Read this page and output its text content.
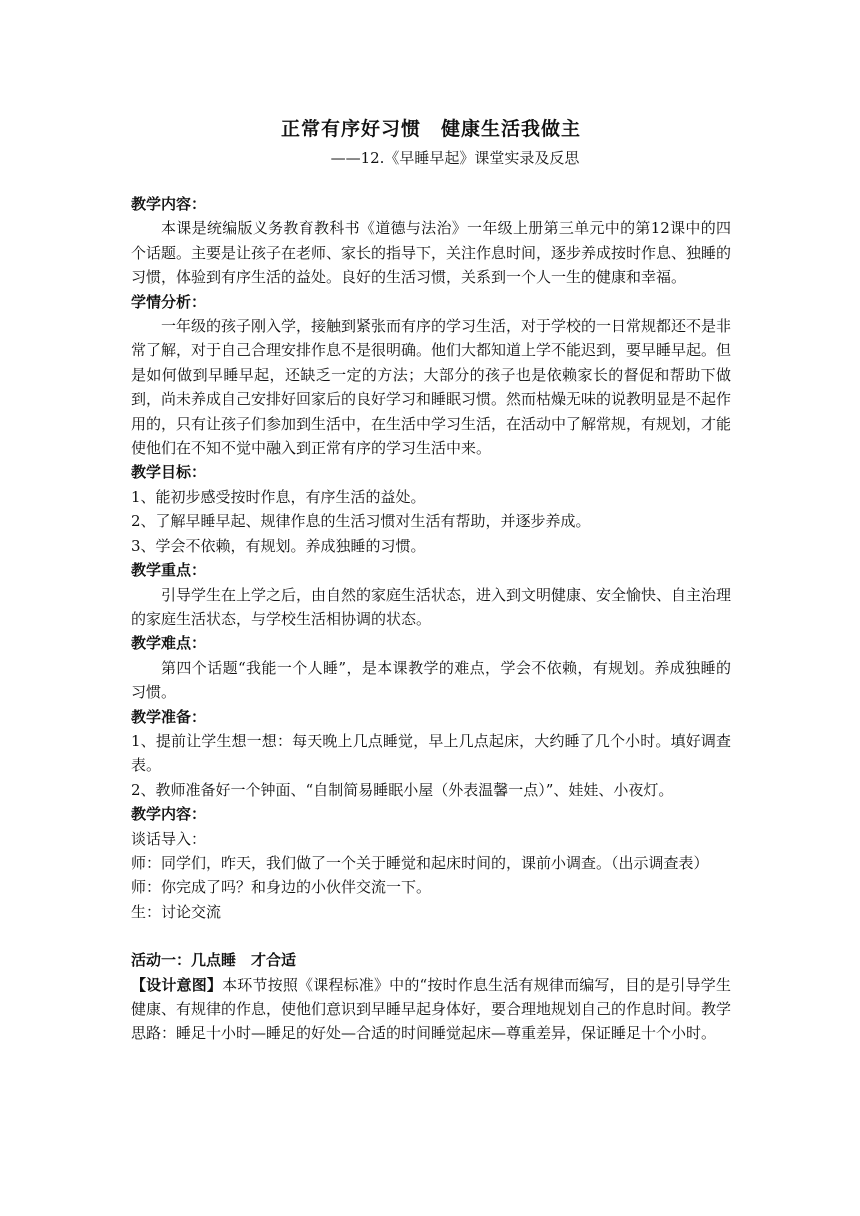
正常有序好习惯　健康生活我做主
——12.《早睡早起》课堂实录及反思

教学内容：

本课是统编版义务教育教科书《道德与法治》一年级上册第三单元中的第12课中的四个话题。主要是让孩子在老师、家长的指导下，关注作息时间，逐步养成按时作息、独睡的习惯，体验到有序生活的益处。良好的生活习惯，关系到一个人一生的健康和幸福。

学情分析：

一年级的孩子刚入学，接触到紧张而有序的学习生活，对于学校的一日常规都还不是非常了解，对于自己合理安排作息不是很明确。他们大都知道上学不能迟到，要早睡早起。但是如何做到早睡早起，还缺乏一定的方法；大部分的孩子也是依赖家长的督促和帮助下做到，尚未养成自己安排好回家后的良好学习和睡眠习惯。然而枯燥无味的说教明显是不起作用的，只有让孩子们参加到生活中，在生活中学习生活，在活动中了解常规，有规划，才能使他们在不知不觉中融入到正常有序的学习生活中来。

教学目标：

1、能初步感受按时作息，有序生活的益处。

2、了解早睡早起、规律作息的生活习惯对生活有帮助，并逐步养成。

3、学会不依赖，有规划。养成独睡的习惯。

教学重点：

引导学生在上学之后，由自然的家庭生活状态，进入到文明健康、安全愉快、自主治理的家庭生活状态，与学校生活相协调的状态。

教学难点：

第四个话题“我能一个人睡”，是本课教学的难点，学会不依赖，有规划。养成独睡的习惯。

教学准备：

1、提前让学生想一想：每天晚上几点睡觉，早上几点起床，大约睡了几个小时。填好调查表。

2、教师准备好一个钟面、“自制简易睡眠小屋（外表温馨一点）”、娃娃、小夜灯。

教学内容：

谈话导入：

师：同学们，昨天，我们做了一个关于睡觉和起床时间的，课前小调查。（出示调查表）

师：你完成了吗？和身边的小伙伴交流一下。

生：讨论交流

活动一：几点睡　才合适

【设计意图】本环节按照《课程标准》中的“按时作息生活有规律而编写，目的是引导学生健康、有规律的作息，使他们意识到早睡早起身体好，要合理地规划自己的作息时间。教学思路：睡足十小时—睡足的好处—合适的时间睡觉起床—尊重差异，保证睡足十个小时。
